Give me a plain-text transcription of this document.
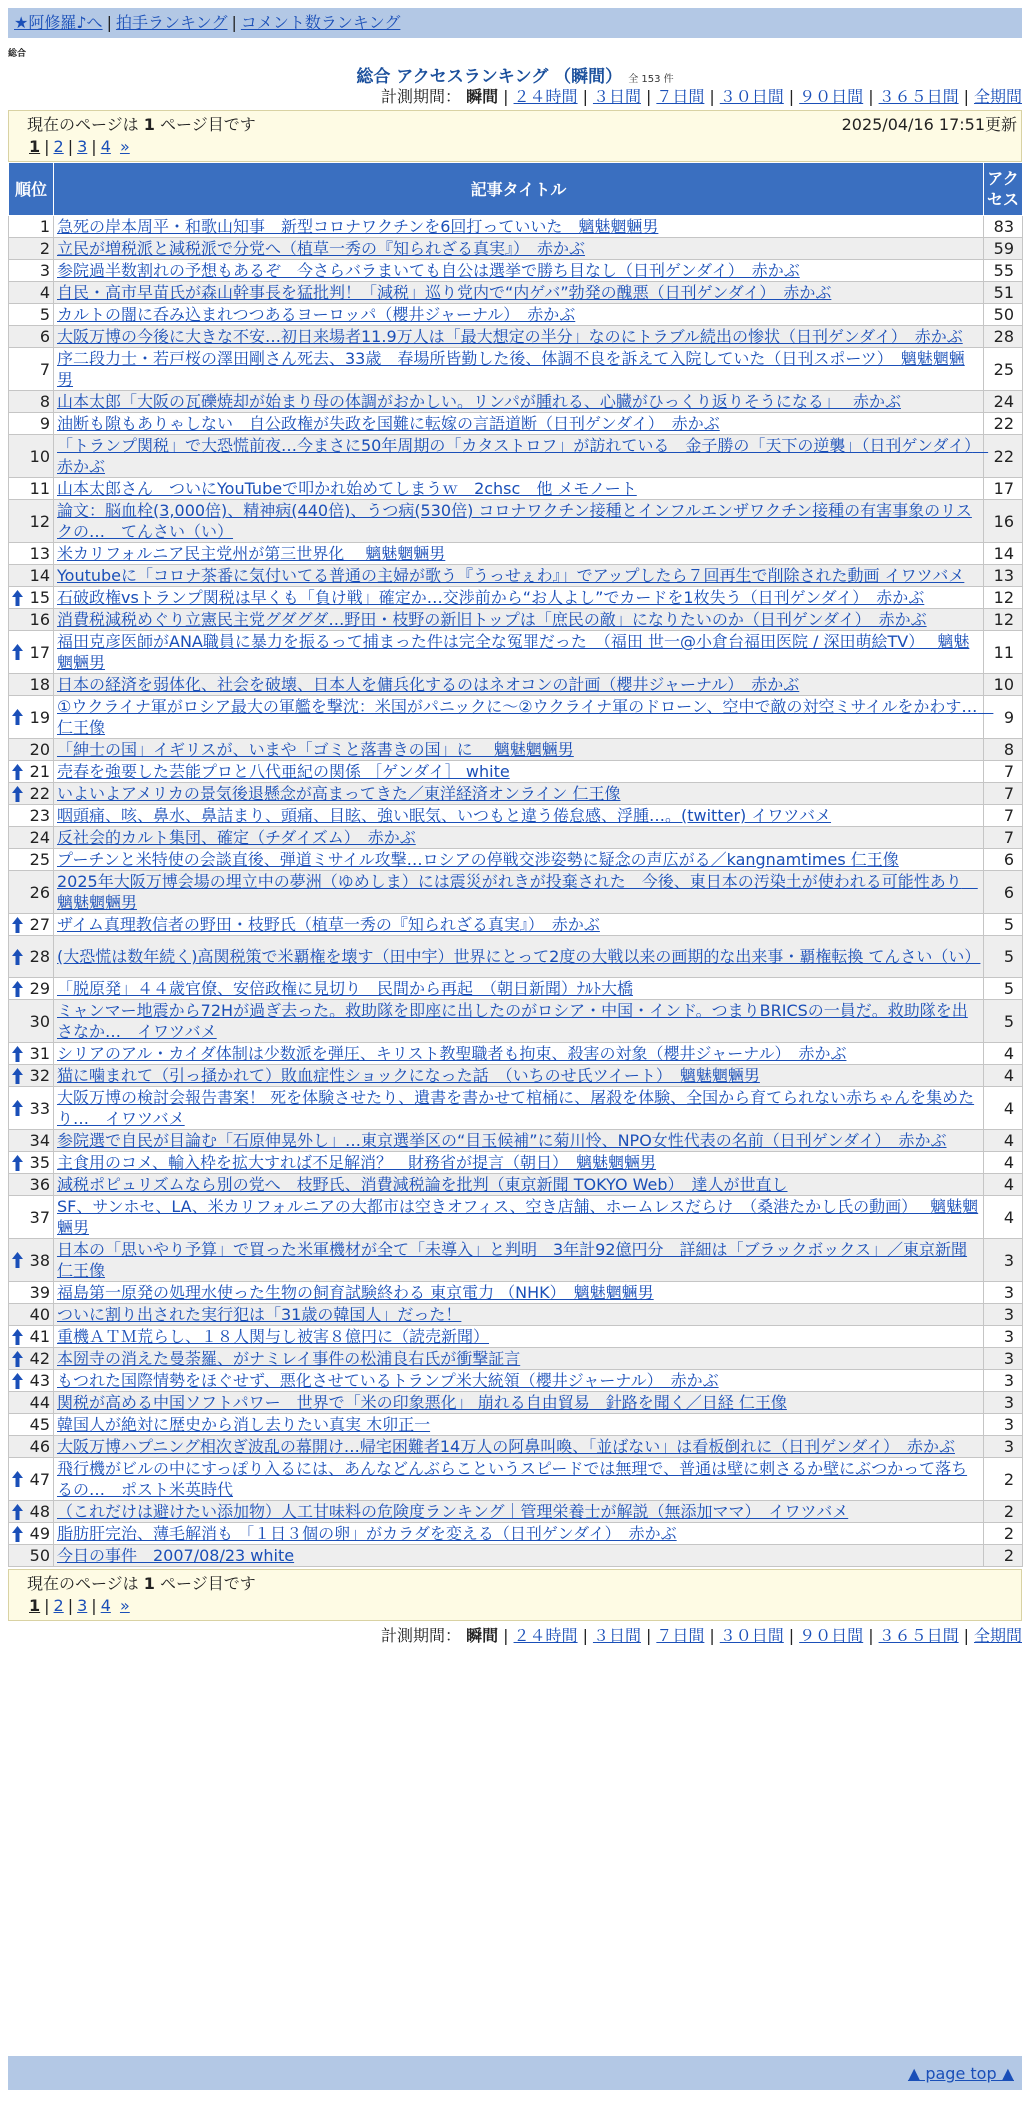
★阿修羅♪へ | 拍手ランキング | コメント数ランキング
総合
総合 アクセスランキング （瞬間） 全 153 件
計測期間： 瞬間 | ２４時間 | ３日間 | ７日間 | ３０日間 | ９０日間 | ３６５日間 | 全期間
現在のページは 1 ページ目です	2025/04/16 17:51更新
1 | 2 | 3 | 4 »
順位	記事タイトル	アクセス
1	急死の岸本周平・和歌山知事　新型コロナワクチンを6回打っていいた　魑魅魍魎男	83
2	立民が増税派と減税派で分党へ（植草一秀の『知られざる真実』）　赤かぶ	59
3	参院過半数割れの予想もあるぞ　今さらバラまいても自公は選挙で勝ち目なし（日刊ゲンダイ）　赤かぶ	55
4	自民・高市早苗氏が森山幹事長を猛批判！「減税」巡り党内で“内ゲバ”勃発の醜悪（日刊ゲンダイ）　赤かぶ	51
5	カルトの闇に呑み込まれつつあるヨーロッパ（櫻井ジャーナル）　赤かぶ	50
6	大阪万博の今後に大きな不安…初日来場者11.9万人は「最大想定の半分」なのにトラブル続出の惨状（日刊ゲンダイ）　赤かぶ	28
7	序二段力士・若戸桜の澤田剛さん死去、33歳　春場所皆勤した後、体調不良を訴えて入院していた（日刊スポーツ）　魑魅魍魎男	25
8	山本太郎「大阪の瓦礫焼却が始まり母の体調がおかしい。リンパが腫れる、心臓がひっくり返りそうになる」　 赤かぶ	24
9	油断も隙もありゃしない　自公政権が失政を国難に転嫁の言語道断（日刊ゲンダイ）　赤かぶ	22
10	「トランプ関税」で大恐慌前夜…今まさに50年周期の「カタストロフ」が訪れている　金子勝の「天下の逆襲」（日刊ゲンダイ）　赤かぶ	22
11	山本太郎さん　ついにYouTubeで叩かれ始めてしまうｗ　2chsc　他 メモノート	17
12	論文：脳血栓(3,000倍)、精神病(440倍)、うつ病(530倍) コロナワクチン接種とインフルエンザワクチン接種の有害事象のリスクの…　てんさい（い）	16
13	米カリフォルニア民主党州が第三世界化　 魑魅魍魎男	14
14	Youtubeに「コロナ茶番に気付いてる普通の主婦が歌う『うっせぇわ』」でアップしたら７回再生で削除された動画 イワツバメ	13

15	石破政権vsトランプ関税は早くも「負け戦」確定か…交渉前から“お人よし”でカードを1枚失う（日刊ゲンダイ）　赤かぶ	12
16	消費税減税めぐり立憲民主党グダグダ…野田・枝野の新旧トップは「庶民の敵」になりたいのか（日刊ゲンダイ）　赤かぶ	12

17	福田克彦医師がANA職員に暴力を振るって捕まった件は完全な冤罪だった　（福田 世一@小倉台福田医院 / 深田萌絵TV）　 魑魅魍魎男	11
18	日本の経済を弱体化、社会を破壊、日本人を傭兵化するのはネオコンの計画（櫻井ジャーナル）　赤かぶ	10

19	①ウクライナ軍がロシア最大の軍艦を撃沈：米国がパニックに～②ウクライナ軍のドローン、空中で敵の対空ミサイルをかわす…　仁王像	9
20	「紳士の国」イギリスが、いまや「ゴミと落書きの国」に　 魑魅魍魎男	8

21	売春を強要した芸能プロと八代亜紀の関係 ［ゲンダイ］ white	7

22	いよいよアメリカの景気後退懸念が高まってきた／東洋経済オンライン 仁王像	7
23	咽頭痛、咳、鼻水、鼻詰まり、頭痛、目眩、強い眠気、いつもと違う倦怠感、浮腫…。(twitter) イワツバメ	7
24	反社会的カルト集団、確定（チダイズム）　赤かぶ	7
25	プーチンと米特使の会談直後、弾道ミサイル攻撃…ロシアの停戦交渉姿勢に疑念の声広がる／kangnamtimes 仁王像	6
26	2025年大阪万博会場の埋立中の夢洲（ゆめしま）には震災がれきが投棄された　今後、東日本の汚染土が使われる可能性あり　魑魅魍魎男	6

27	ザイム真理教信者の野田・枝野氏（植草一秀の『知られざる真実』）　赤かぶ	5

28	(大恐慌は数年続く)高関税策で米覇権を壊す（田中宇）世界にとって2度の大戦以来の画期的な出来事・覇権転換 てんさい（い）	5

29	「脱原発」４４歳官僚、安倍政権に見切り　民間から再起　（朝日新聞）ﾅﾙﾄ大橋	5
30	ミャンマー地震から72Hが過ぎ去った。救助隊を即座に出したのがロシア・中国・インド。つまりBRICSの一員だ。救助隊を出さなか…　イワツバメ	5

31	シリアのアル・カイダ体制は少数派を弾圧、キリスト教聖職者も拘束、殺害の対象（櫻井ジャーナル）　赤かぶ	4

32	猫に噛まれて（引っ掻かれて）敗血症性ショックになった話　（いちのせ氏ツイート）　魑魅魍魎男	4

33	大阪万博の検討会報告書案！ 死を体験させたり、遺書を書かせて棺桶に、屠殺を体験、全国から育てられない赤ちゃんを集めたり…　イワツバメ	4
34	参院選で自民が目論む「石原伸晃外し」…東京選挙区の“目玉候補”に菊川怜、NPO女性代表の名前（日刊ゲンダイ）　赤かぶ	4

35	主食用のコメ、輸入枠を拡大すれば不足解消？　財務省が提言（朝日）　魑魅魍魎男	4
36	減税ポピュリズムなら別の党へ　枝野氏、消費減税論を批判（東京新聞 TOKYO Web）　達人が世直し	4
37	SF、サンホセ、LA、米カリフォルニアの大都市は空きオフィス、空き店舗、ホームレスだらけ　（桑港たかし氏の動画）　 魑魅魍魎男	4

38	日本の「思いやり予算」で買った米軍機材が全て「未導入」と判明　3年計92億円分　詳細は「ブラックボックス」／東京新聞 仁王像	3
39	福島第一原発の処理水使った生物の飼育試験終わる 東京電力 （NHK）　魑魅魍魎男	3
40	ついに割り出された実行犯は「31歳の韓国人」だった！	3

41	重機ＡＴＭ荒らし、１８人関与し被害８億円に（読売新聞）	3

42	本圀寺の消えた曼荼羅、がナミレイ事件の松浦良右氏が衝撃証言	3

43	もつれた国際情勢をほぐせず、悪化させているトランプ米大統領（櫻井ジャーナル）　赤かぶ	3
44	関税が高める中国ソフトパワー　世界で「米の印象悪化」 崩れる自由貿易　針路を聞く／日経 仁王像	3
45	韓国人が絶対に歴史から消し去りたい真実 木卯正一	3
46	大阪万博ハプニング相次ぎ波乱の幕開け…帰宅困難者14万人の阿鼻叫喚、「並ばない」は看板倒れに（日刊ゲンダイ）　赤かぶ	3

47	飛行機がビルの中にすっぽり入るには、あんなどんぶらこというスピードでは無理で、普通は壁に刺さるか壁にぶつかって落ちるの…　ポスト米英時代	2

48	（これだけは避けたい添加物）人工甘味料の危険度ランキング｜管理栄養士が解説（無添加ママ）　イワツバメ	2

49	脂肪肝完治、薄毛解消も 「１日３個の卵」がカラダを変える（日刊ゲンダイ）　赤かぶ	2
50	今日の事件　2007/08/23 white	2
現在のページは 1 ページ目です
1 | 2 | 3 | 4 »
計測期間： 瞬間 | ２４時間 | ３日間 | ７日間 | ３０日間 | ９０日間 | ３６５日間 | 全期間
▲ page top ▲
